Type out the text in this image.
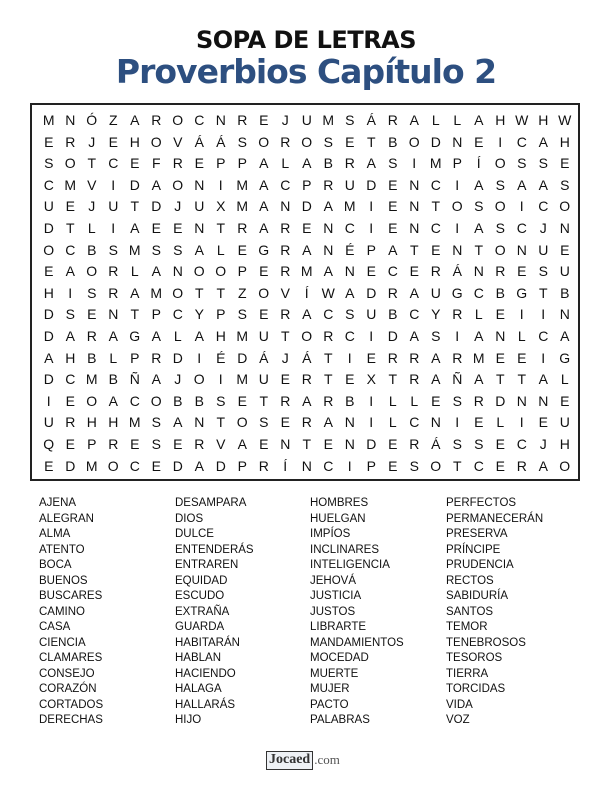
SOPA DE LETRAS
Proverbios Capítulo 2
M N Ó Z A R O C N R E J U M S Á R A L L A H W H W
E R J E H O V Á Á S O R O S E T B O D N E	I	C A H
S O T C E F R E P P A L A B R A S	I M P	Í	O S S E
C M V	I	D A O N	I M A C P R U D E N C	I	A S A A S
U E J U T D J U X M A N D A M I	E N T O S O	I	C O
D T L	I	A E E N T R A R E N C	I	E N C	I	A S C J N
O C B S M S S A L E G R A N É P A T E N T O N U E
E A O R L A N O O P E R M A N E C E R Á N R E S U
H	I	S R A M O T T Z O V	Í W A D R A U G C B G T B
D S E N T P C Y P S E R A C S U B C Y R L E	I	I	N
D A R A G A L A H M U T O R C	I	D A S	I	A N L C A
A H B L P R D	I	É D Á J Á T	I	E R R A R M E E	I	G
D C M B Ñ A J O	I M U E R T E X T R A Ñ A T T A L
I	E O A C O B B S E T R A R B	I	L L E S R D N N E
U R H H M S A N T O S E R A N	I	L C N	I	E L	I	E U
Q E P R E S E R V A E N T E N D E R Á S S E C J H
E D M O C E D A D P R	Í	N C	I	P E S O T C E R A O
AJENA
ALEGRAN
ALMA
ATENTO
BOCA
BUENOS
BUSCARES
CAMINO
CASA
CIENCIA
CLAMARES
CONSEJO
CORAZÓN
CORTADOS
DERECHAS
DESAMPARA
DIOS
DULCE
ENTENDERÁS
ENTRAREN
EQUIDAD
ESCUDO
EXTRAÑA
GUARDA
HABITARÁN
HABLAN
HACIENDO
HALAGA
HALLARÁS
HIJO
HOMBRES
HUELGAN
IMPÍOS
INCLINARES
INTELIGENCIA
JEHOVÁ
JUSTICIA
JUSTOS
LIBRARTE
MANDAMIENTOS
MOCEDAD
MUERTE
MUJER
PACTO
PALABRAS
PERFECTOS
PERMANECERÁN
PRESERVA
PRÍNCIPE
PRUDENCIA
RECTOS
SABIDURÍA
SANTOS
TEMOR
TENEBROSOS
TESOROS
TIERRA
TORCIDAS
VIDA
VOZ
Jocaed .com
